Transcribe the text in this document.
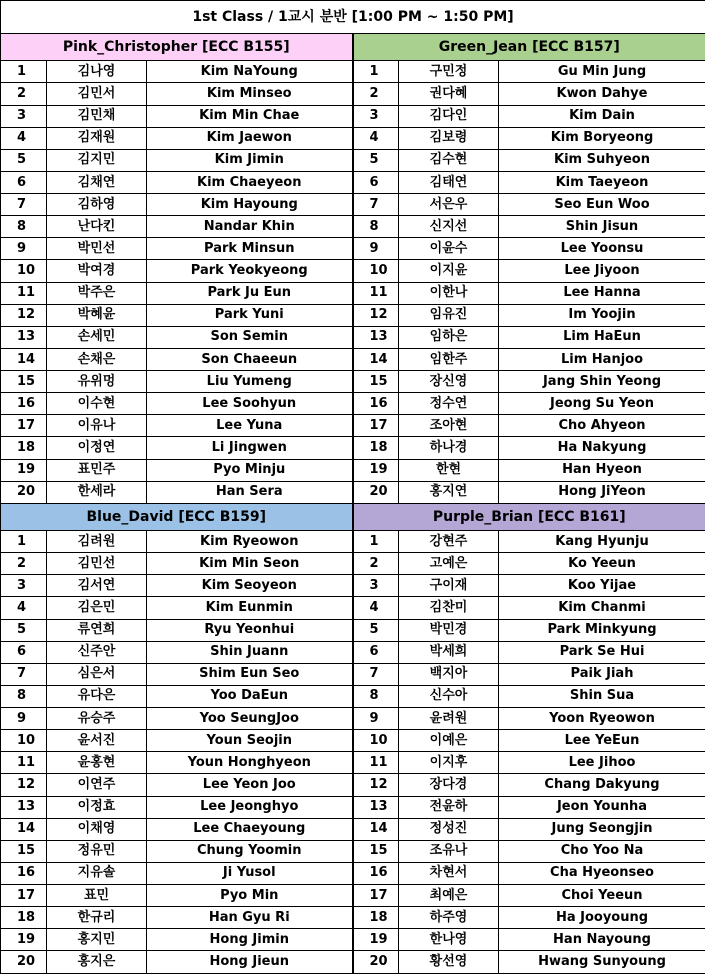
1st Class / 1교시 분반 [1:00 PM ~ 1:50 PM]					
Pink_Christopher [ECC B155]			Green_Jean [ECC B157]		
1	김나영	Kim NaYoung	1	구민정	Gu Min Jung
2	김민서	Kim Minseo	2	권다혜	Kwon Dahye
3	김민채	Kim Min Chae	3	김다인	Kim Dain
4	김재원	Kim Jaewon	4	김보령	Kim Boryeong
5	김지민	Kim Jimin	5	김수현	Kim Suhyeon
6	김채연	Kim Chaeyeon	6	김태연	Kim Taeyeon
7	김하영	Kim Hayoung	7	서은우	Seo Eun Woo
8	난다킨	Nandar Khin	8	신지선	Shin Jisun
9	박민선	Park Minsun	9	이윤수	Lee Yoonsu
10	박여경	Park Yeokyeong	10	이지윤	Lee Jiyoon
11	박주은	Park Ju Eun	11	이한나	Lee Hanna
12	박혜윤	Park Yuni	12	임유진	Im Yoojin
13	손세민	Son Semin	13	임하은	Lim HaEun
14	손채은	Son Chaeeun	14	임한주	Lim Hanjoo
15	유위멍	Liu Yumeng	15	장신영	Jang Shin Yeong
16	이수현	Lee Soohyun	16	정수연	Jeong Su Yeon
17	이유나	Lee Yuna	17	조아현	Cho Ahyeon
18	이정연	Li Jingwen	18	하나경	Ha Nakyung
19	표민주	Pyo Minju	19	한현	Han Hyeon
20	한세라	Han Sera	20	홍지연	Hong JiYeon
Blue_David [ECC B159]			Purple_Brian [ECC B161]		
1	김려원	Kim Ryeowon	1	강현주	Kang Hyunju
2	김민선	Kim Min Seon	2	고예은	Ko Yeeun
3	김서연	Kim Seoyeon	3	구이재	Koo Yijae
4	김은민	Kim Eunmin	4	김찬미	Kim Chanmi
5	류연희	Ryu Yeonhui	5	박민경	Park Minkyung
6	신주안	Shin Juann	6	박세희	Park Se Hui
7	심은서	Shim Eun Seo	7	백지아	Paik Jiah
8	유다은	Yoo DaEun	8	신수아	Shin Sua
9	유승주	Yoo SeungJoo	9	윤려원	Yoon Ryeowon
10	윤서진	Youn Seojin	10	이예은	Lee YeEun
11	윤홍현	Youn Honghyeon	11	이지후	Lee Jihoo
12	이연주	Lee Yeon Joo	12	장다경	Chang Dakyung
13	이정효	Lee Jeonghyo	13	전윤하	Jeon Younha
14	이채영	Lee Chaeyoung	14	정성진	Jung Seongjin
15	정유민	Chung Yoomin	15	조유나	Cho Yoo Na
16	지유솔	Ji Yusol	16	차현서	Cha Hyeonseo
17	표민	Pyo Min	17	최예은	Choi Yeeun
18	한규리	Han Gyu Ri	18	하주영	Ha Jooyoung
19	홍지민	Hong Jimin	19	한나영	Han Nayoung
20	홍지은	Hong Jieun	20	황선영	Hwang Sunyoung
